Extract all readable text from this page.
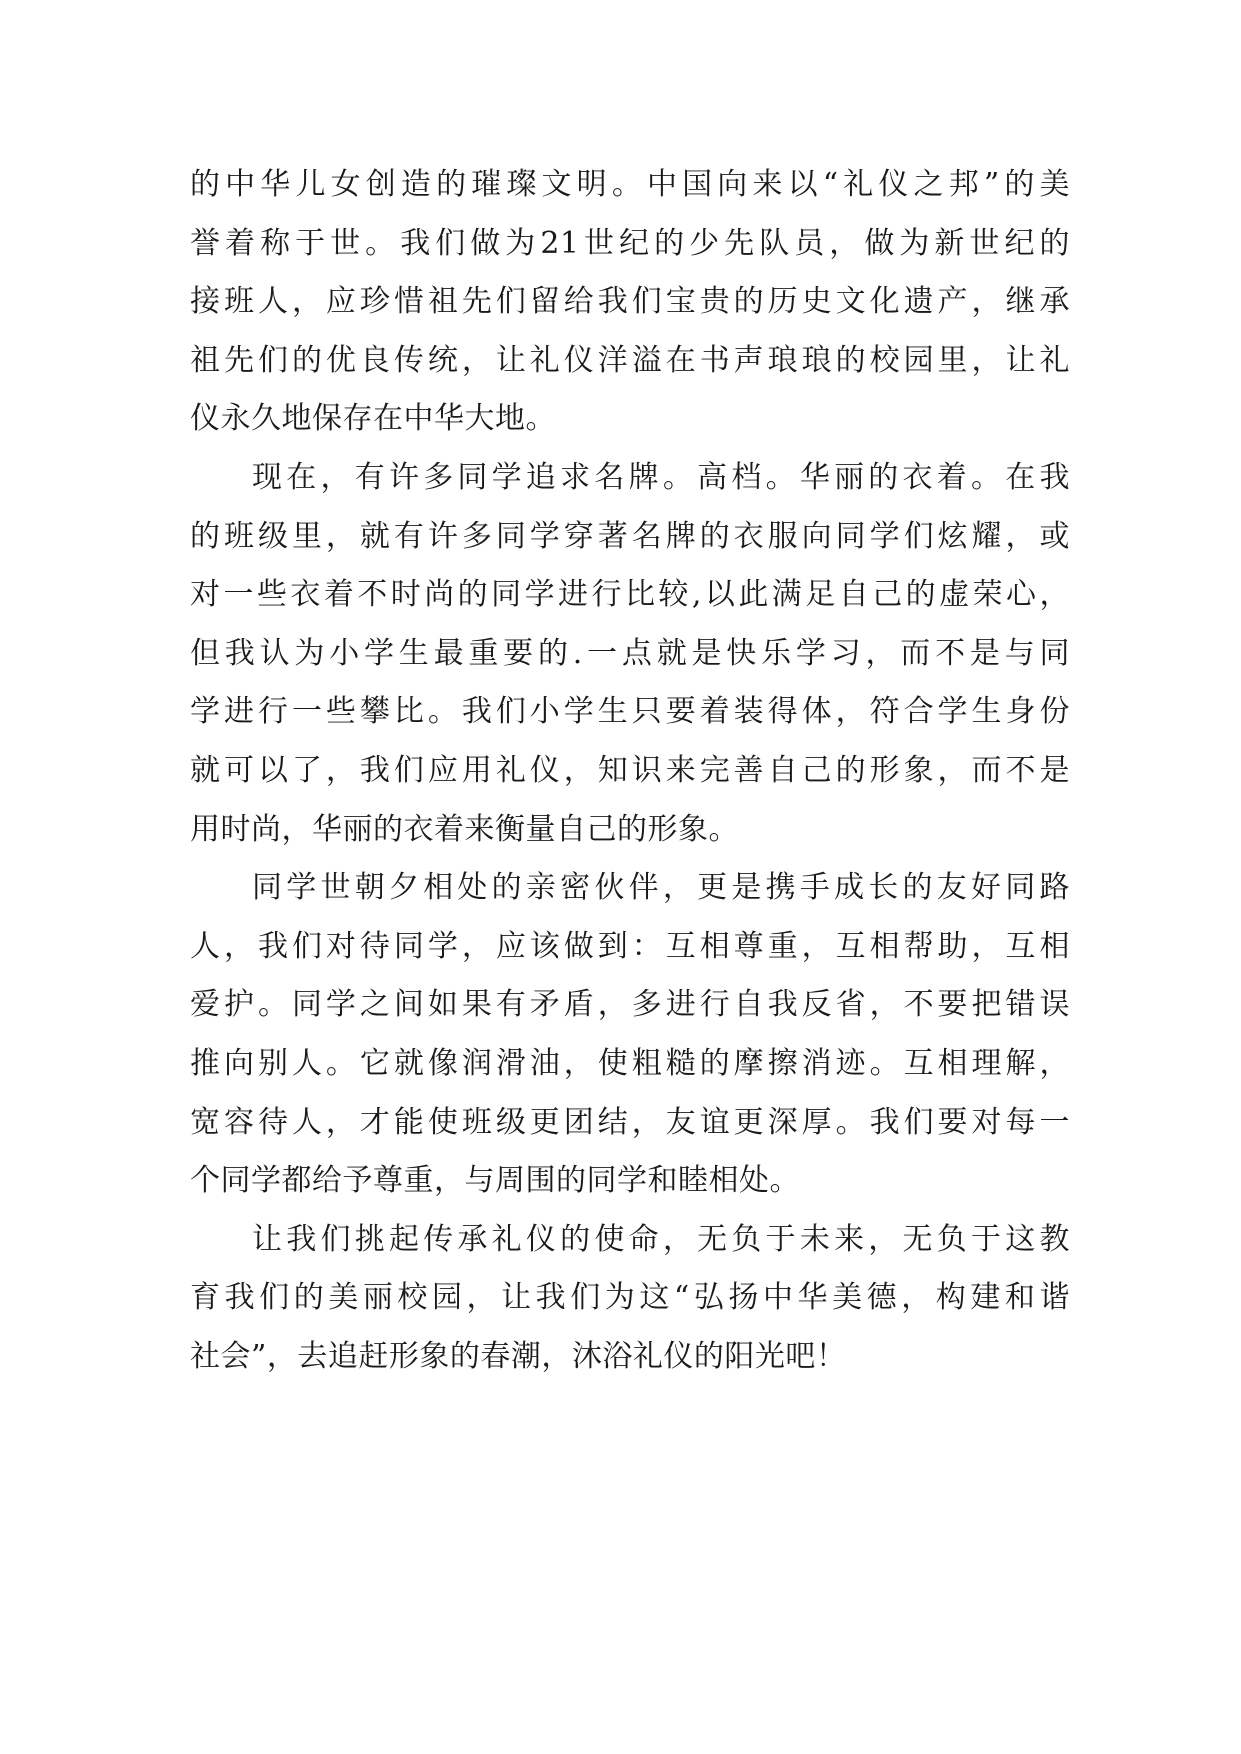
的中华儿女创造的璀璨文明。中国向来以“礼仪之邦”的美
誉着称于世。我们做为21世纪的少先队员，做为新世纪的
接班人，应珍惜祖先们留给我们宝贵的历史文化遗产，继承
祖先们的优良传统，让礼仪洋溢在书声琅琅的校园里，让礼
仪永久地保存在中华大地。
现在，有许多同学追求名牌。高档。华丽的衣着。在我
的班级里，就有许多同学穿著名牌的衣服向同学们炫耀，或
对一些衣着不时尚的同学进行比较,以此满足自己的虚荣心，
但我认为小学生最重要的.一点就是快乐学习，而不是与同
学进行一些攀比。我们小学生只要着装得体，符合学生身份
就可以了，我们应用礼仪，知识来完善自己的形象，而不是
用时尚，华丽的衣着来衡量自己的形象。
同学世朝夕相处的亲密伙伴，更是携手成长的友好同路
人，我们对待同学，应该做到：互相尊重，互相帮助，互相
爱护。同学之间如果有矛盾，多进行自我反省，不要把错误
推向别人。它就像润滑油，使粗糙的摩擦消迹。互相理解，
宽容待人，才能使班级更团结，友谊更深厚。我们要对每一
个同学都给予尊重，与周围的同学和睦相处。
让我们挑起传承礼仪的使命，无负于未来，无负于这教
育我们的美丽校园，让我们为这“弘扬中华美德，构建和谐
社会”，去追赶形象的春潮，沐浴礼仪的阳光吧！
